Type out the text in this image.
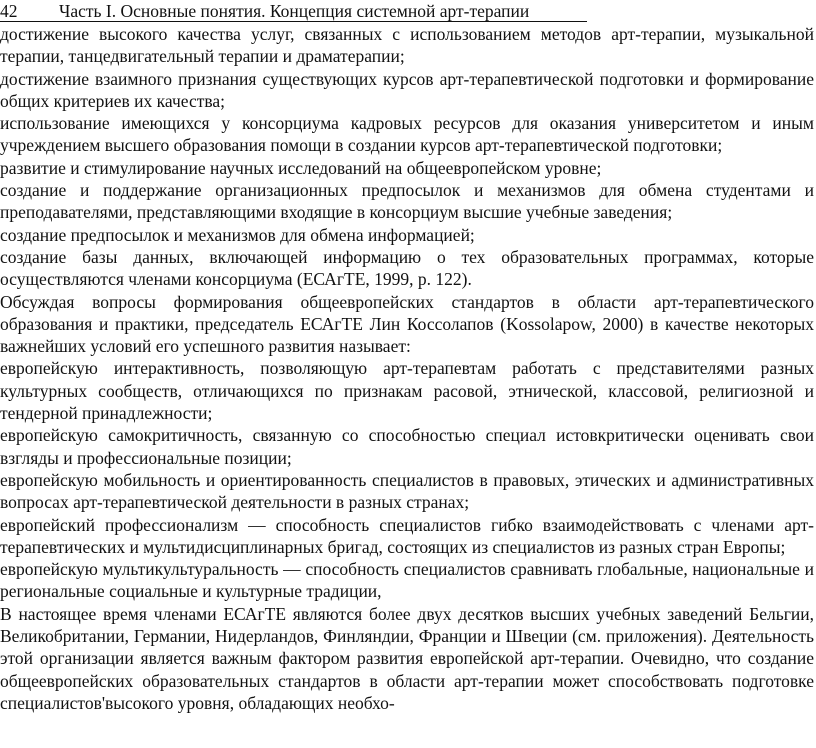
42 Часть I. Основные понятия. Концепция системной арт-терапии

достижение высокого качества услуг, связанных с использованием методов арт-терапии, музыкальной терапии, танцедвигательный терапии и драматерапии;

достижение взаимного признания существующих курсов арт-терапевтической подготовки и формирование общих критериев их качества;

использование имеющихся у консорциума кадровых ресурсов для оказания университетом и иным учреждением высшего образования помощи в создании курсов арт-терапевтической подготовки;

развитие и стимулирование научных исследований на общеевропейском уровне;

создание и поддержание организационных предпосылок и механизмов для обмена студентами и преподавателями, представляющими входящие в консорциум высшие учебные заведения;

создание предпосылок и механизмов для обмена информацией;

создание базы данных, включающей информацию о тех образовательных программах, которые осуществляются членами консорциума (ЕСАгТЕ, 1999, р. 122).

Обсуждая вопросы формирования общеевропейских стандартов в области арт-терапевтического образования и практики, председатель ЕСАгТЕ Лин Коссолапов (Kossolapow, 2000) в качестве некоторых важнейших условий его успешного развития называет:

европейскую интерактивность, позволяющую арт-терапевтам работать с представителями разных культурных сообществ, отличающихся по признакам расовой, этнической, классовой, религиозной и тендерной принадлежности;

европейскую самокритичность, связанную со способностью специал истовкритически оценивать свои взгляды и профессиональные позиции;

европейскую мобильность и ориентированность специалистов в правовых, этических и административных вопросах арт-терапевтической деятельности в разных странах;

европейский профессионализм — способность специалистов гибко взаимодействовать с членами арт-терапевтических и мультидисциплинарных бригад, состоящих из специалистов из разных стран Европы;

европейскую мультикультуральность — способность специалистов сравнивать глобальные, национальные и региональные социальные и культурные традиции,

В настоящее время членами ЕСАгТЕ являются более двух десятков высших учебных заведений Бельгии, Великобритании, Германии, Нидерландов, Финляндии, Франции и Швеции (см. приложения). Деятельность этой организации является важным фактором развития европейской арт-терапии. Очевидно, что создание общеевропейских образовательных стандартов в области арт-терапии может способствовать подготовке специалистов'высокого уровня, обладающих необхо-
